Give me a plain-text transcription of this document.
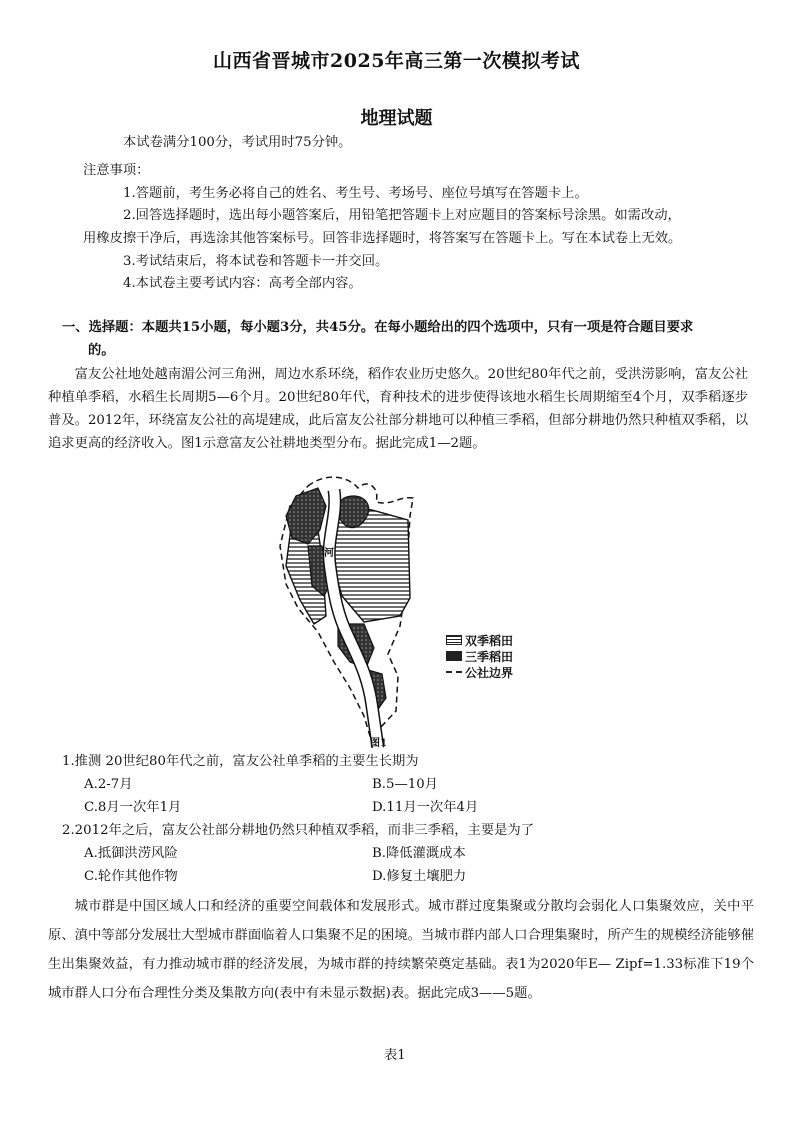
山西省晋城市2025年高三第一次模拟考试
地理试题
本试卷满分100分，考试用时75分钟。
注意事项：
1.答题前，考生务必将自己的姓名、考生号、考场号、座位号填写在答题卡上。
2.回答选择题时，选出每小题答案后，用铅笔把答题卡上对应题目的答案标号涂黑。如需改动，
用橡皮擦干净后，再选涂其他答案标号。回答非选择题时，将答案写在答题卡上。写在本试卷上无效。
3.考试结束后，将本试卷和答题卡一并交回。
4.本试卷主要考试内容：高考全部内容。
一、选择题：本题共15小题，每小题3分，共45分。在每小题给出的四个选项中，只有一项是符合题目要求
的。
富友公社地处越南湄公河三角洲，周边水系环绕，稻作农业历史悠久。20世纪80年代之前，受洪涝影响，富友公社种植单季稻，水稻生长周期5—6个月。20世纪80年代，育种技术的进步使得该地水稻生长周期缩至4个月，双季稻逐步普及。2012年，环绕富友公社的高堤建成，此后富友公社部分耕地可以种植三季稻，但部分耕地仍然只种植双季稻，以追求更高的经济收入。图1示意富友公社耕地类型分布。据此完成1—2题。
河
双季稻田
三季稻田
公社边界
图1
1.推测 20世纪80年代之前，富友公社单季稻的主要生长期为
A.2-7月	B.5—10月
C.8月一次年1月	D.11月一次年4月
2.2012年之后，富友公社部分耕地仍然只种植双季稻，而非三季稻，主要是为了
A.抵御洪涝风险	B.降低灌溉成本
C.轮作其他作物	D.修复土壤肥力
城市群是中国区域人口和经济的重要空间载体和发展形式。城市群过度集聚或分散均会弱化人口集聚效应，关中平原、滇中等部分发展壮大型城市群面临着人口集聚不足的困境。当城市群内部人口合理集聚时，所产生的规模经济能够催生出集聚效益，有力推动城市群的经济发展，为城市群的持续繁荣奠定基础。表1为2020年E— Zipf=1.33标准下19个城市群人口分布合理性分类及集散方向(表中有未显示数据)表。据此完成3——5题。
表1
